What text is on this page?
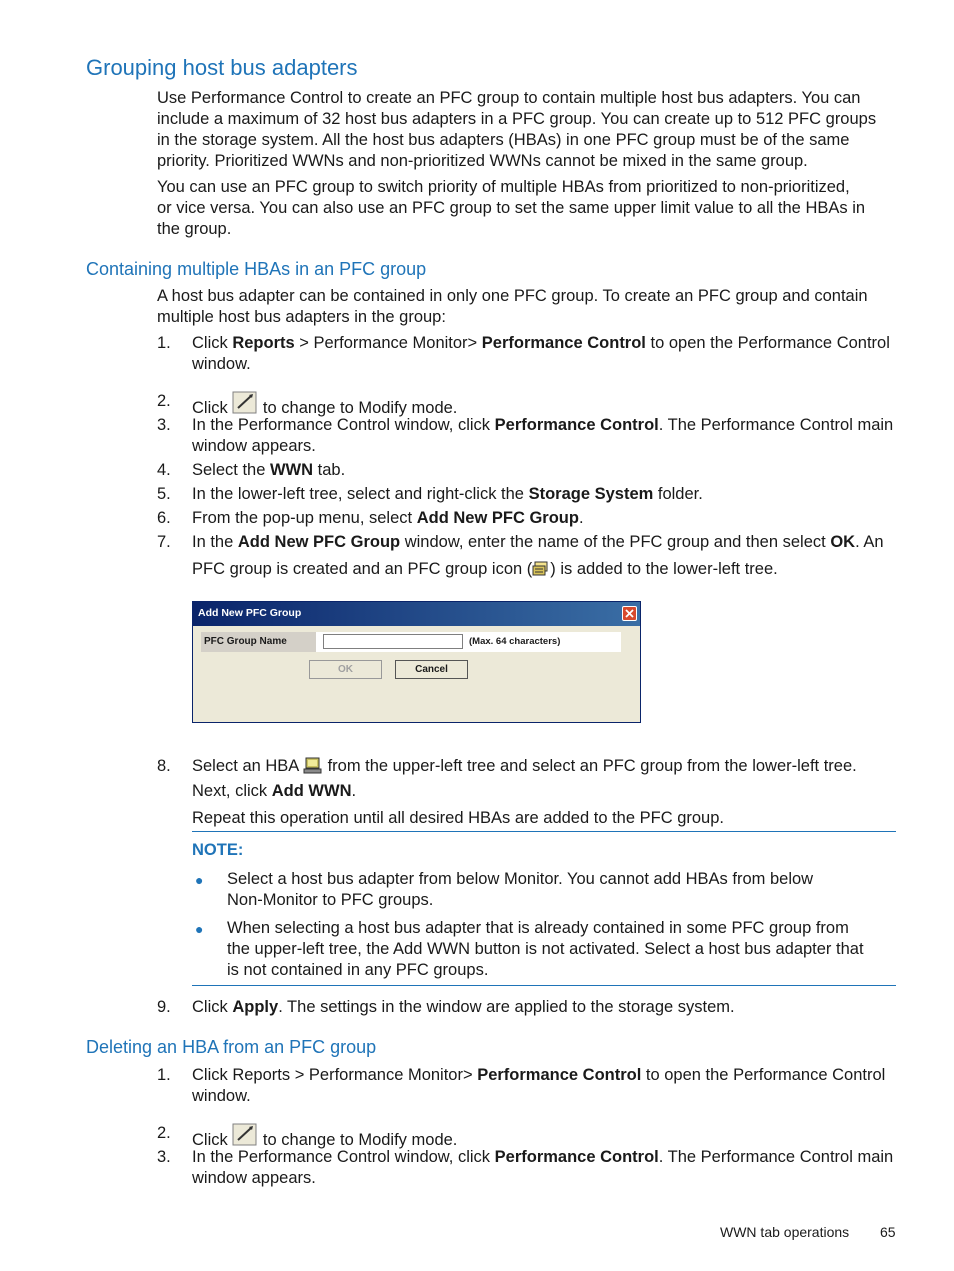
Grouping host bus adapters
Use Performance Control to create an PFC group to contain multiple host bus adapters. You can
include a maximum of 32 host bus adapters in a PFC group. You can create up to 512 PFC groups
in the storage system. All the host bus adapters (HBAs) in one PFC group must be of the same
priority. Prioritized WWNs and non-prioritized WWNs cannot be mixed in the same group.
You can use an PFC group to switch priority of multiple HBAs from prioritized to non-prioritized,
or vice versa. You can also use an PFC group to set the same upper limit value to all the HBAs in
the group.
Containing multiple HBAs in an PFC group
A host bus adapter can be contained in only one PFC group. To create an PFC group and contain
multiple host bus adapters in the group:
1. Click Reports > Performance Monitor> Performance Control to open the Performance Control
window.
2. Click  to change to Modify mode.
3. In the Performance Control window, click Performance Control. The Performance Control main
window appears.
4. Select the WWN tab.
5. In the lower-left tree, select and right-click the Storage System folder.
6. From the pop-up menu, select Add New PFC Group.
7. In the Add New PFC Group window, enter the name of the PFC group and then select OK. An
PFC group is created and an PFC group icon ( ) is added to the lower-left tree.
Add New PFC Group
PFC Group Name	(Max. 64 characters)
OK	Cancel
8. Select an HBA  from the upper-left tree and select an PFC group from the lower-left tree.
Next, click Add WWN.
Repeat this operation until all desired HBAs are added to the PFC group.
NOTE:
● Select a host bus adapter from below Monitor. You cannot add HBAs from below
Non-Monitor to PFC groups.
● When selecting a host bus adapter that is already contained in some PFC group from
the upper-left tree, the Add WWN button is not activated. Select a host bus adapter that
is not contained in any PFC groups.
9. Click Apply. The settings in the window are applied to the storage system.
Deleting an HBA from an PFC group
1. Click Reports > Performance Monitor> Performance Control to open the Performance Control
window.
2. Click  to change to Modify mode.
3. In the Performance Control window, click Performance Control. The Performance Control main
window appears.
WWN tab operations 65
